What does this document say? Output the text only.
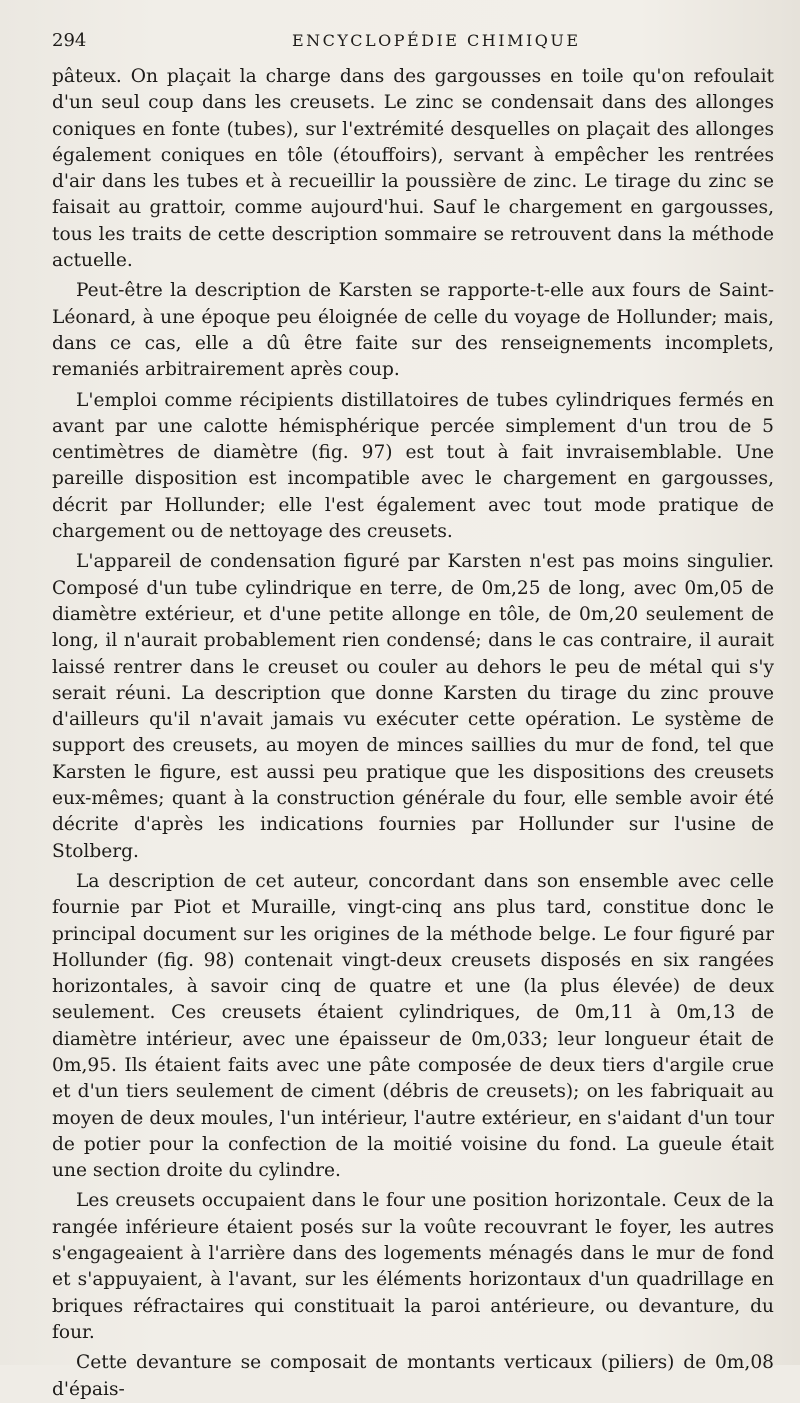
294	ENCYCLOPÉDIE CHIMIQUE

pâteux. On plaçait la charge dans des gargousses en toile qu'on refoulait d'un seul coup dans les creusets. Le zinc se condensait dans des allonges coniques en fonte (tubes), sur l'extrémité desquelles on plaçait des allonges également coniques en tôle (étouffoirs), servant à empêcher les rentrées d'air dans les tubes et à recueillir la poussière de zinc. Le tirage du zinc se faisait au grattoir, comme aujourd'hui. Sauf le chargement en gargousses, tous les traits de cette description sommaire se retrouvent dans la méthode actuelle.

Peut-être la description de Karsten se rapporte-t-elle aux fours de Saint-Léonard, à une époque peu éloignée de celle du voyage de Hollunder; mais, dans ce cas, elle a dû être faite sur des renseignements incomplets, remaniés arbitrairement après coup.

L'emploi comme récipients distillatoires de tubes cylindriques fermés en avant par une calotte hémisphérique percée simplement d'un trou de 5 centimètres de diamètre (fig. 97) est tout à fait invraisemblable. Une pareille disposition est incompatible avec le chargement en gargousses, décrit par Hollunder; elle l'est également avec tout mode pratique de chargement ou de nettoyage des creusets.

L'appareil de condensation figuré par Karsten n'est pas moins singulier. Composé d'un tube cylindrique en terre, de 0m,25 de long, avec 0m,05 de diamètre extérieur, et d'une petite allonge en tôle, de 0m,20 seulement de long, il n'aurait probablement rien condensé; dans le cas contraire, il aurait laissé rentrer dans le creuset ou couler au dehors le peu de métal qui s'y serait réuni. La description que donne Karsten du tirage du zinc prouve d'ailleurs qu'il n'avait jamais vu exécuter cette opération. Le système de support des creusets, au moyen de minces saillies du mur de fond, tel que Karsten le figure, est aussi peu pratique que les dispositions des creusets eux-mêmes; quant à la construction générale du four, elle semble avoir été décrite d'après les indications fournies par Hollunder sur l'usine de Stolberg.

La description de cet auteur, concordant dans son ensemble avec celle fournie par Piot et Muraille, vingt-cinq ans plus tard, constitue donc le principal document sur les origines de la méthode belge. Le four figuré par Hollunder (fig. 98) contenait vingt-deux creusets disposés en six rangées horizontales, à savoir cinq de quatre et une (la plus élevée) de deux seulement. Ces creusets étaient cylindriques, de 0m,11 à 0m,13 de diamètre intérieur, avec une épaisseur de 0m,033; leur longueur était de 0m,95. Ils étaient faits avec une pâte composée de deux tiers d'argile crue et d'un tiers seulement de ciment (débris de creusets); on les fabriquait au moyen de deux moules, l'un intérieur, l'autre extérieur, en s'aidant d'un tour de potier pour la confection de la moitié voisine du fond. La gueule était une section droite du cylindre.

Les creusets occupaient dans le four une position horizontale. Ceux de la rangée inférieure étaient posés sur la voûte recouvrant le foyer, les autres s'engageaient à l'arrière dans des logements ménagés dans le mur de fond et s'appuyaient, à l'avant, sur les éléments horizontaux d'un quadrillage en briques réfractaires qui constituait la paroi antérieure, ou devanture, du four.

Cette devanture se composait de montants verticaux (piliers) de 0m,08 d'épais-
